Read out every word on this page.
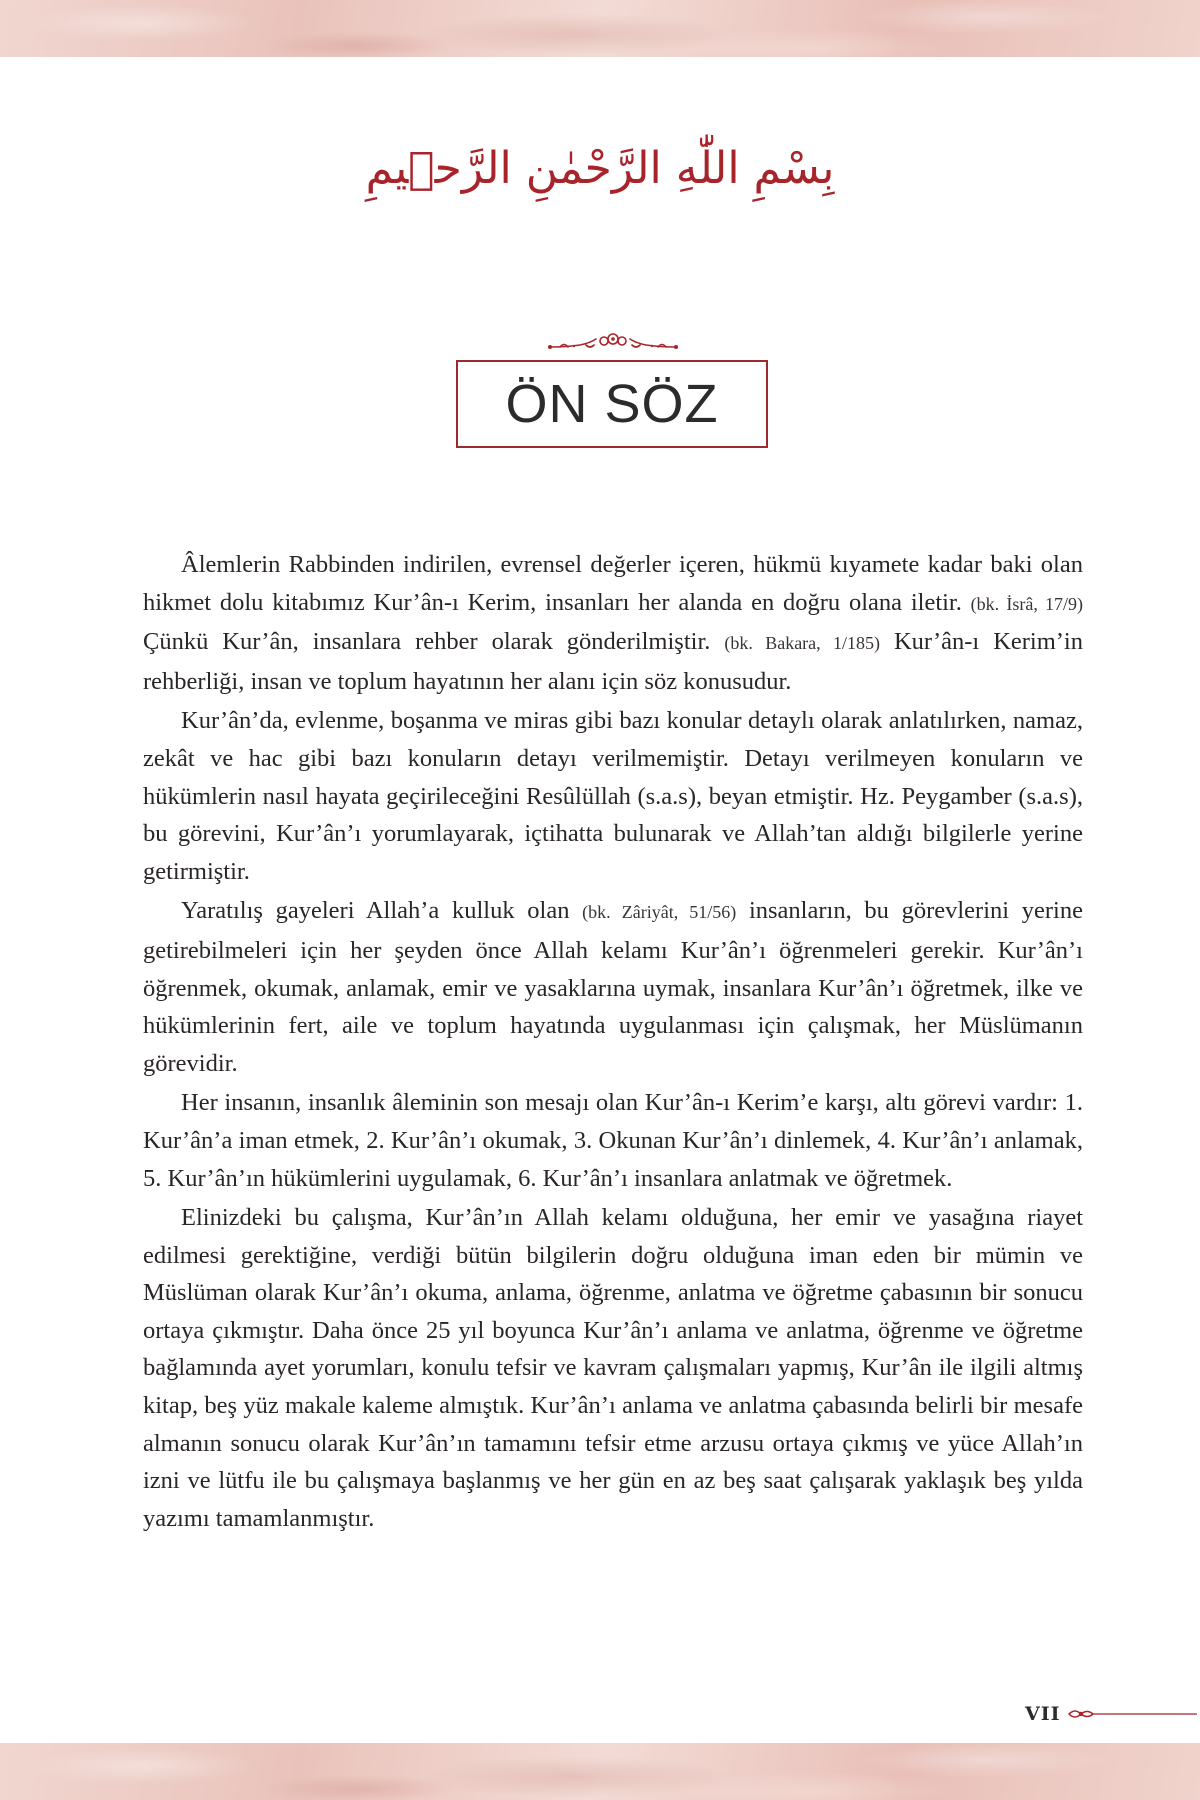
بِسْمِ اللّٰهِ الرَّحْمٰنِ الرَّح۪يمِ
ÖN SÖZ

Âlemlerin Rabbinden indirilen, evrensel değerler içeren, hükmü kıyamete kadar baki olan hikmet dolu kitabımız Kur’ân-ı Kerim, insanları her alanda en doğru olana iletir. (bk. İsrâ, 17/9) Çünkü Kur’ân, insanlara rehber olarak gönderilmiştir. (bk. Bakara, 1/185) Kur’ân-ı Kerim’in rehberliği, insan ve toplum hayatının her alanı için söz konusudur.

Kur’ân’da, evlenme, boşanma ve miras gibi bazı konular detaylı olarak anlatılırken, namaz, zekât ve hac gibi bazı konuların detayı verilmemiştir. Detayı verilmeyen konuların ve hükümlerin nasıl hayata geçirileceğini Resûlüllah (s.a.s), beyan etmiştir. Hz. Peygamber (s.a.s), bu görevini, Kur’ân’ı yorumlayarak, içtihatta bulunarak ve Allah’tan aldığı bilgilerle yerine getirmiştir.

Yaratılış gayeleri Allah’a kulluk olan (bk. Zâriyât, 51/56) insanların, bu görevlerini yerine getirebilmeleri için her şeyden önce Allah kelamı Kur’ân’ı öğrenmeleri gerekir. Kur’ân’ı öğrenmek, okumak, anlamak, emir ve yasaklarına uymak, insanlara Kur’ân’ı öğretmek, ilke ve hükümlerinin fert, aile ve toplum hayatında uygulanması için çalışmak, her Müslümanın görevidir.

Her insanın, insanlık âleminin son mesajı olan Kur’ân-ı Kerim’e karşı, altı görevi vardır: 1. Kur’ân’a iman etmek, 2. Kur’ân’ı okumak, 3. Okunan Kur’ân’ı dinlemek, 4. Kur’ân’ı anlamak, 5. Kur’ân’ın hükümlerini uygulamak, 6. Kur’ân’ı insanlara anlatmak ve öğretmek.

Elinizdeki bu çalışma, Kur’ân’ın Allah kelamı olduğuna, her emir ve yasağına riayet edilmesi gerektiğine, verdiği bütün bilgilerin doğru olduğuna iman eden bir mümin ve Müslüman olarak Kur’ân’ı okuma, anlama, öğrenme, anlatma ve öğretme çabasının bir sonucu ortaya çıkmıştır. Daha önce 25 yıl boyunca Kur’ân’ı anlama ve anlatma, öğrenme ve öğretme bağlamında ayet yorumları, konulu tefsir ve kavram çalışmaları yapmış, Kur’ân ile ilgili altmış kitap, beş yüz makale kaleme almıştık. Kur’ân’ı anlama ve anlatma çabasında belirli bir mesafe almanın sonucu olarak Kur’ân’ın tamamını tefsir etme arzusu ortaya çıkmış ve yüce Allah’ın izni ve lütfu ile bu çalışmaya başlanmış ve her gün en az beş saat çalışarak yaklaşık beş yılda yazımı tamamlanmıştır.

VII
